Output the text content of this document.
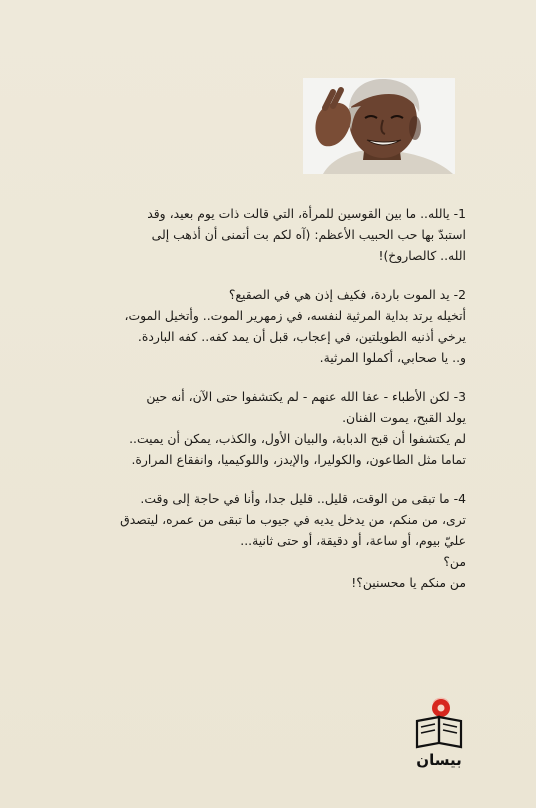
1- يالله.. ما بين القوسين للمرأة، التي قالت ذات يوم بعيد، وقد

استبدّ بها حب الحبيب الأعظم: (آه لكم بت أتمنى أن أذهب إلى

الله.. كالصاروخ)!

2- يد الموت باردة، فكيف إذن هي في الصقيع؟

أتخيله يرتد بداية المرثية لنفسه، في زمهرير الموت.. وأتخيل الموت،

يرخي أذنيه الطويلتين، في إعجاب، قبل أن يمد كفه.. كفه الباردة.

و.. يا صحابي، أكملوا المرثية.

3- لكن الأطباء - عفا الله عنهم - لم يكتشفوا حتى الآن، أنه حين

يولد القبح، يموت الفنان.

لم يكتشفوا أن قبح الدبابة، والبيان الأول، والكذب، يمكن أن يميت..

تماما مثل الطاعون، والكوليرا، والإيدز، واللوكيميا، وانفقاع المرارة.

4- ما تبقى من الوقت، قليل.. قليل جدا، وأنا في حاجة إلى وقت.

ترى، من منكم، من يدخل يديه في جيوب ما تبقى من عمره، ليتصدق

عليّ بيوم، أو ساعة، أو دقيقة، أو حتى ثانية...

من؟

من منكم يا محسنين؟!

بيسان
